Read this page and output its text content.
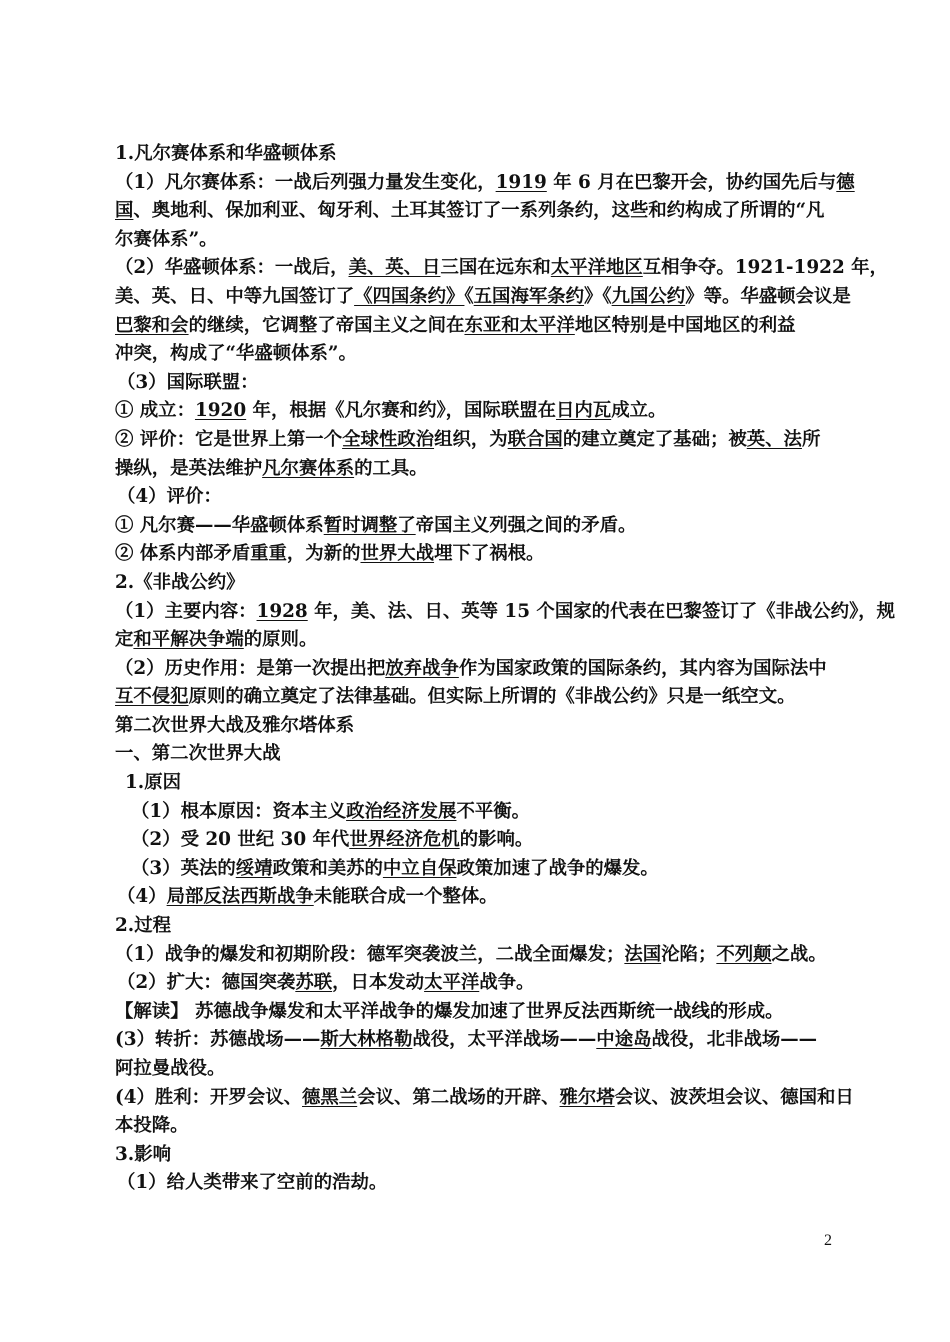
1.凡尔赛体系和华盛顿体系
（1）凡尔赛体系：一战后列强力量发生变化，1919 年 6 月在巴黎开会，协约国先后与德
国、奥地利、保加利亚、匈牙利、土耳其签订了一系列条约，这些和约构成了所谓的“凡
尔赛体系”。
（2）华盛顿体系：一战后，美、英、日三国在远东和太平洋地区互相争夺。1921-1922 年，
美、英、日、中等九国签订了《四国条约》《五国海军条约》《九国公约》等。华盛顿会议是
巴黎和会的继续，它调整了帝国主义之间在东亚和太平洋地区特别是中国地区的利益
冲突，构成了“华盛顿体系”。
（3）国际联盟：
① 成立：1920 年，根据《凡尔赛和约》，国际联盟在日内瓦成立。
② 评价：它是世界上第一个全球性政治组织，为联合国的建立奠定了基础；被英、法所
操纵，是英法维护凡尔赛体系的工具。
（4）评价：
① 凡尔赛——华盛顿体系暂时调整了帝国主义列强之间的矛盾。
② 体系内部矛盾重重，为新的世界大战埋下了祸根。
2.《非战公约》
（1）主要内容：1928 年，美、法、日、英等 15 个国家的代表在巴黎签订了《非战公约》，规
定和平解决争端的原则。
（2）历史作用：是第一次提出把放弃战争作为国家政策的国际条约，其内容为国际法中
互不侵犯原则的确立奠定了法律基础。但实际上所谓的《非战公约》只是一纸空文。
第二次世界大战及雅尔塔体系
一、第二次世界大战
1.原因
（1）根本原因：资本主义政治经济发展不平衡。
（2）受 20 世纪 30 年代世界经济危机的影响。
（3）英法的绥靖政策和美苏的中立自保政策加速了战争的爆发。
（4）局部反法西斯战争未能联合成一个整体。
2.过程
（1）战争的爆发和初期阶段：德军突袭波兰，二战全面爆发；法国沦陷；不列颠之战。
（2）扩大：德国突袭苏联，日本发动太平洋战争。
【解读】 苏德战争爆发和太平洋战争的爆发加速了世界反法西斯统一战线的形成。
(3）转折：苏德战场——斯大林格勒战役，太平洋战场——中途岛战役，北非战场——
阿拉曼战役。
(4）胜利：开罗会议、德黑兰会议、第二战场的开辟、雅尔塔会议、波茨坦会议、德国和日
本投降。
3.影响
（1）给人类带来了空前的浩劫。
2
